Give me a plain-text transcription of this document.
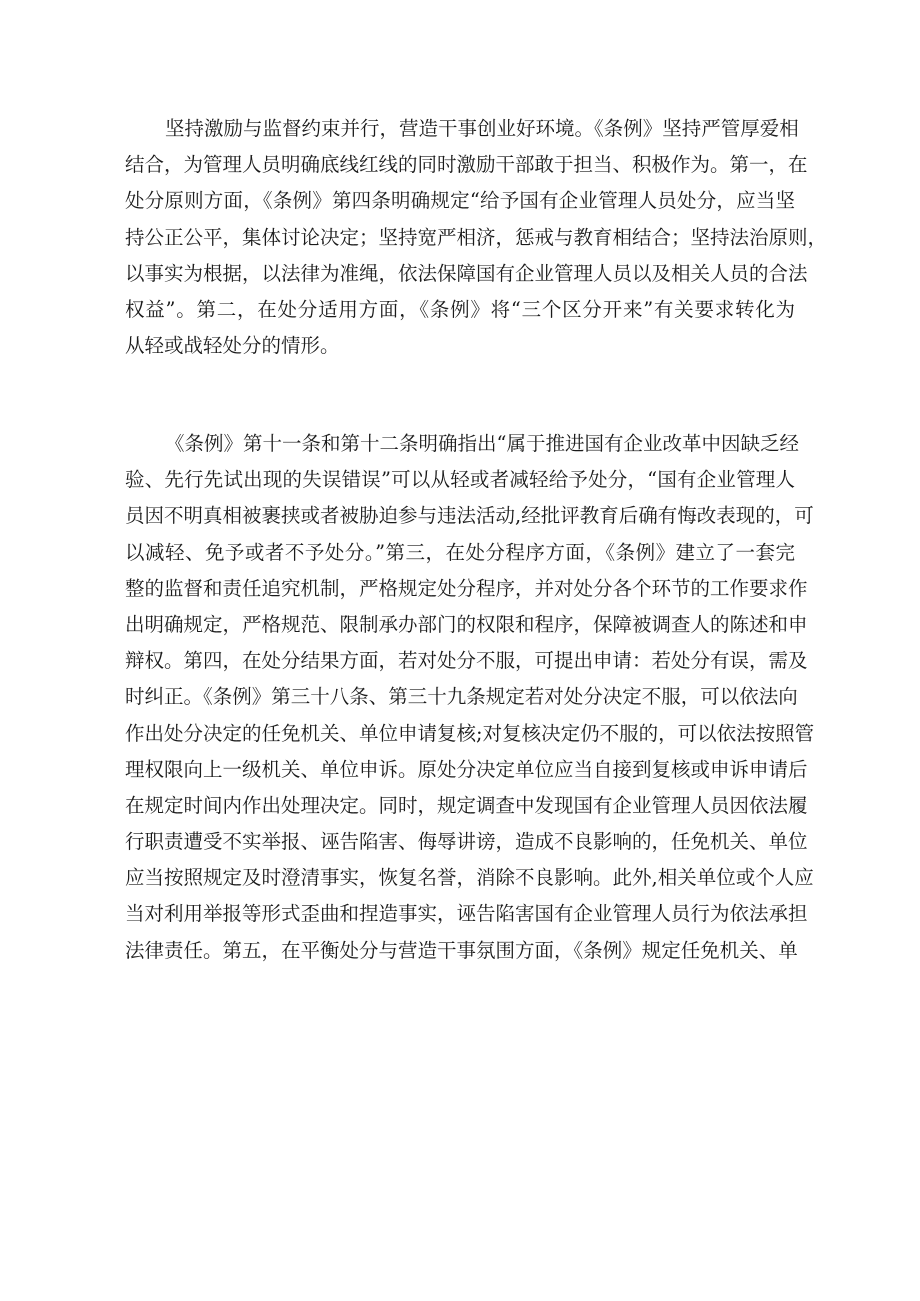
坚持激励与监督约束并行，营造干事创业好环境。《条例》坚持严管厚爱相
结合，为管理人员明确底线红线的同时激励干部敢于担当、积极作为。第一，在
处分原则方面，《条例》第四条明确规定“给予国有企业管理人员处分，应当坚
持公正公平，集体讨论决定；坚持宽严相济，惩戒与教育相结合；坚持法治原则，
以事实为根据，以法律为准绳，依法保障国有企业管理人员以及相关人员的合法
权益”。第二，在处分适用方面，《条例》将“三个区分开来”有关要求转化为
从轻或战轻处分的情形。

《条例》第十一条和第十二条明确指出“属于推进国有企业改革中因缺乏经
验、先行先试出现的失误错误”可以从轻或者减轻给予处分，“国有企业管理人
员因不明真相被裹挟或者被胁迫参与违法活动,经批评教育后确有悔改表现的，可
以减轻、免予或者不予处分。”第三，在处分程序方面，《条例》建立了一套完
整的监督和责任追究机制，严格规定处分程序，并对处分各个环节的工作要求作
出明确规定，严格规范、限制承办部门的权限和程序，保障被调查人的陈述和申
辩权。第四，在处分结果方面，若对处分不服，可提出申请：若处分有误，需及
时纠正。《条例》第三十八条、第三十九条规定若对处分决定不服，可以依法向
作出处分决定的任免机关、单位申请复核;对复核决定仍不服的，可以依法按照管
理权限向上一级机关、单位申诉。原处分决定单位应当自接到复核或申诉申请后
在规定时间内作出处理决定。同时，规定调查中发现国有企业管理人员因依法履
行职责遭受不实举报、诬告陷害、侮辱讲谤，造成不良影响的，任免机关、单位
应当按照规定及时澄清事实，恢复名誉，消除不良影响。此外,相关单位或个人应
当对利用举报等形式歪曲和捏造事实，诬告陷害国有企业管理人员行为依法承担
法律责任。第五，在平衡处分与营造干事氛围方面，《条例》规定任免机关、单
